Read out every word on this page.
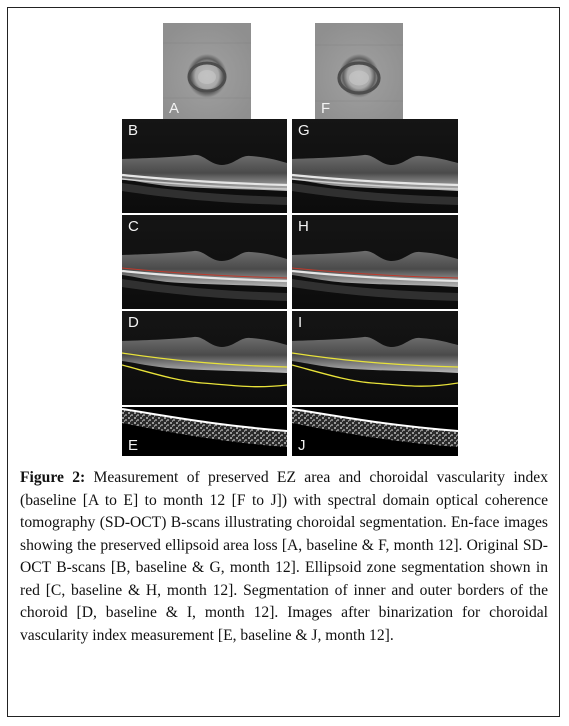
A
B
C
D
E
F
G
H
I
J
Figure 2: Measurement of preserved EZ area and choroidal vascularity index (baseline [A to E] to month 12 [F to J]) with spectral domain optical coherence tomography (SD-OCT) B-scans illustrating choroidal segmentation. En-face images showing the preserved ellipsoid area loss [A, baseline & F, month 12]. Original SD-OCT B-scans [B, baseline & G, month 12]. Ellipsoid zone segmentation shown in red [C, baseline & H, month 12]. Segmentation of inner and outer borders of the choroid [D, baseline & I, month 12]. Images after binarization for choroidal vascularity index measurement [E, baseline & J, month 12].
